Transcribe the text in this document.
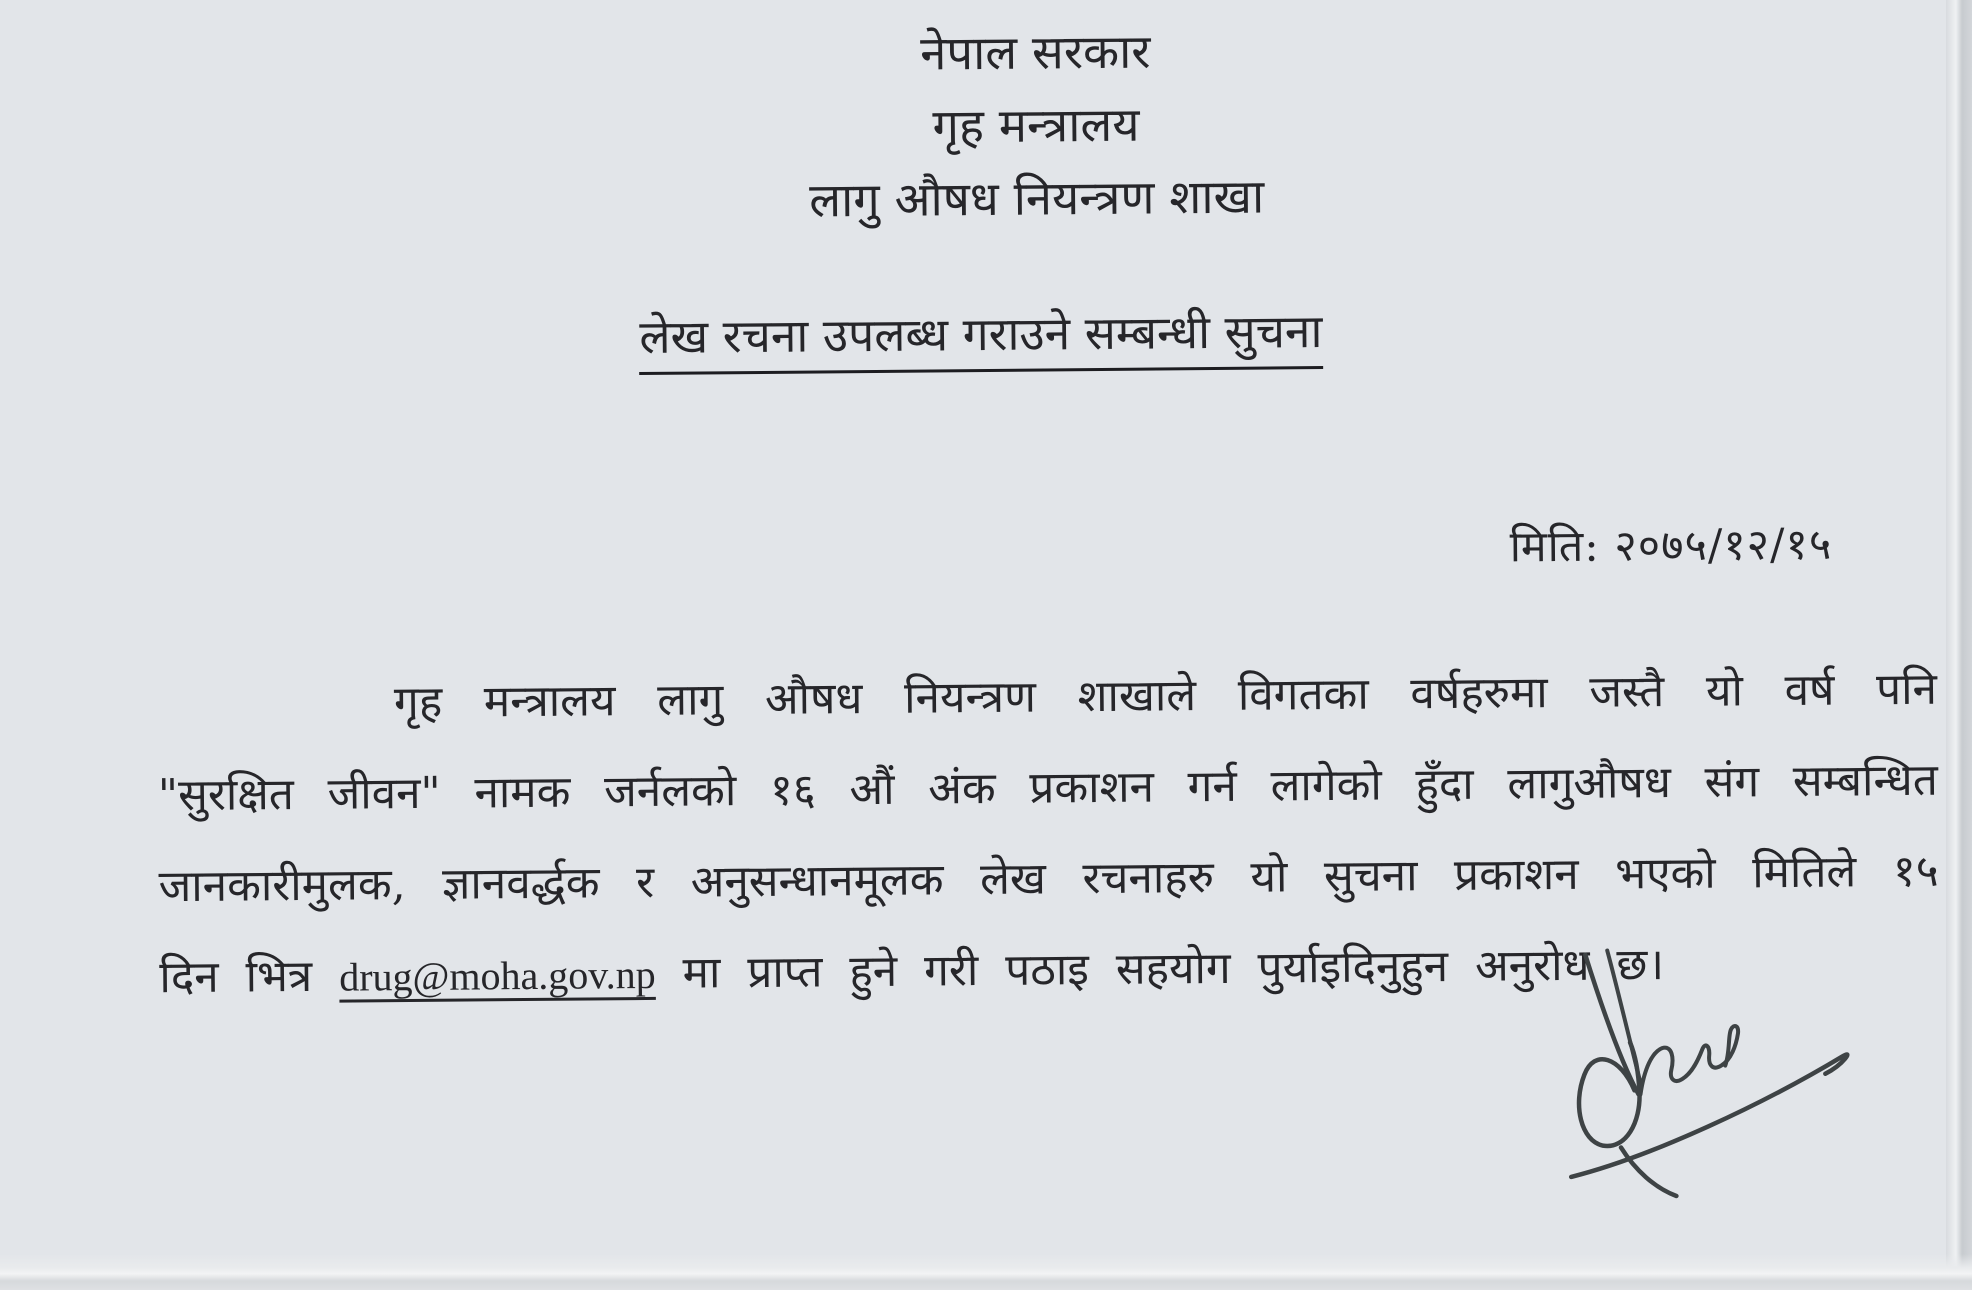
नेपाल सरकार
गृह मन्त्रालय
लागु औषध नियन्त्रण शाखा
लेख रचना उपलब्ध गराउने सम्बन्धी सुचना
मिति: २०७५/१२/१५
गृह मन्त्रालय लागु औषध नियन्त्रण शाखाले विगतका वर्षहरुमा जस्तै यो वर्ष पनि
"सुरक्षित जीवन" नामक जर्नलको १६ औं अंक प्रकाशन गर्न लागेको हुँदा लागुऔषध संग सम्बन्धित
जानकारीमुलक, ज्ञानवर्द्धक र अनुसन्धानमूलक लेख रचनाहरु यो सुचना प्रकाशन भएको मितिले १५
दिन भित्र drug@moha.gov.np मा प्राप्त हुने गरी पठाइ सहयोग पुर्याइदिनुहुन अनुरोध छ।
